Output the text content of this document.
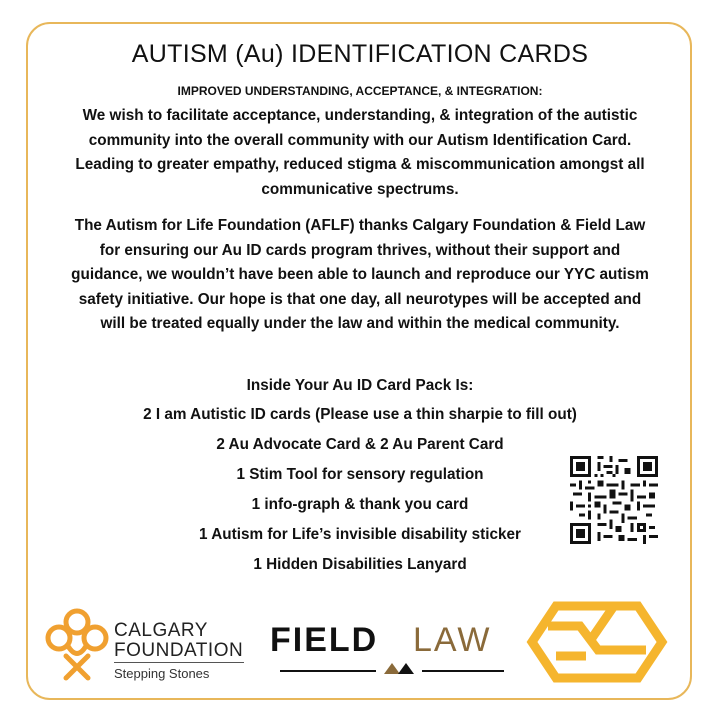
AUTISM (Au) IDENTIFICATION CARDS
IMPROVED UNDERSTANDING, ACCEPTANCE, & INTEGRATION:
We wish to facilitate acceptance, understanding, & integration of the autistic community into the overall community with our Autism Identification Card. Leading to greater empathy, reduced stigma & miscommunication amongst all communicative spectrums.
The Autism for Life Foundation (AFLF) thanks Calgary Foundation & Field Law for ensuring our Au ID cards program thrives, without their support and guidance, we wouldn’t have been able to launch and reproduce our YYC autism safety initiative. Our hope is that one day, all neurotypes will be accepted and will be treated equally under the law and within the medical community.
Inside Your Au ID Card Pack Is:
2 I am Autistic ID cards (Please use a thin sharpie to fill out)
2 Au Advocate Card & 2 Au Parent Card
1 Stim Tool for sensory regulation
1 info-graph & thank you card
1 Autism for Life’s invisible disability sticker
1 Hidden Disabilities Lanyard
CALGARY
FOUNDATION
Stepping Stones
FIELD LAW
